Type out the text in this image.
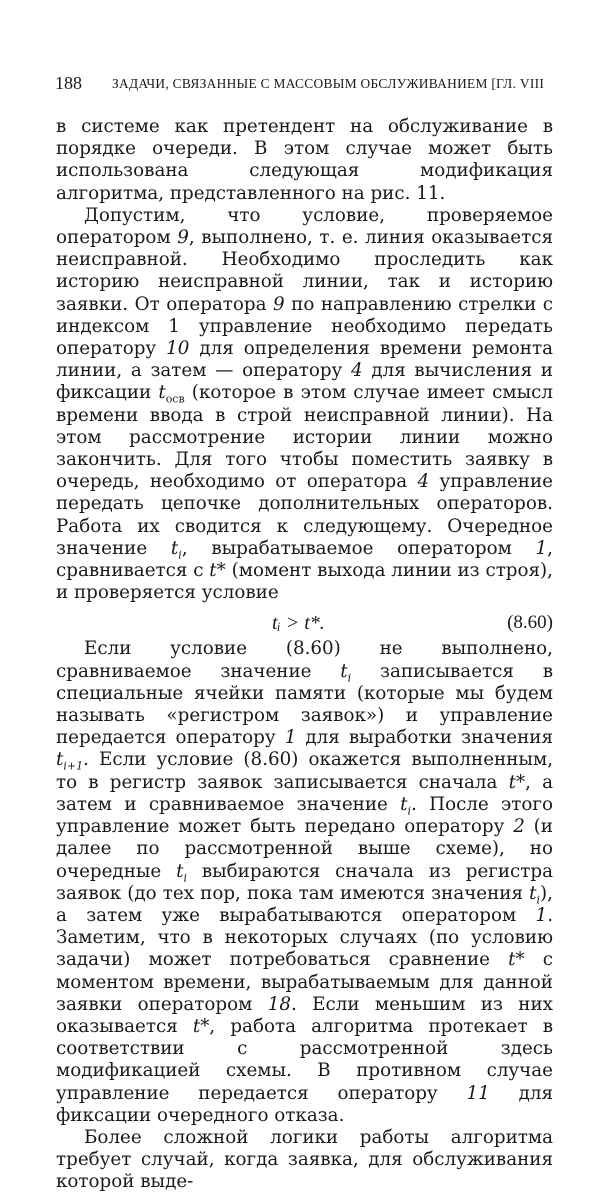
188 ЗАДАЧИ, СВЯЗАННЫЕ С МАССОВЫМ ОБСЛУЖИВАНИЕМ [ГЛ. VIII

в системе как претендент на обслуживание в порядке очереди. В этом случае может быть использована следующая модификация алгоритма, представленного на рис. 11.

Допустим, что условие, проверяемое оператором 9, выполнено, т. е. линия оказывается неисправной. Необходимо проследить как историю неисправной линии, так и историю заявки. От оператора 9 по направлению стрелки с индексом 1 управление необходимо передать оператору 10 для определения времени ремонта линии, а затем — оператору 4 для вычисления и фиксации $t_{осв}$ (которое в этом случае имеет смысл времени ввода в строй неисправной линии). На этом рассмотрение истории линии можно закончить. Для того чтобы поместить заявку в очередь, необходимо от оператора 4 управление передать цепочке дополнительных операторов. Работа их сводится к следующему. Очередное значение $t_i$, вырабатываемое оператором 1, сравнивается с t* (момент выхода линии из строя), и проверяется условие

tᵢ > t*.	(8.60)

Если условие (8.60) не выполнено, сравниваемое значение $t_i$ записывается в специальные ячейки памяти (которые мы будем называть «регистром заявок») и управление передается оператору 1 для выработки значения $t_{i+1}$. Если условие (8.60) окажется выполненным, то в регистр заявок записывается сначала t*, а затем и сравниваемое значение $t_i$. После этого управление может быть передано оператору 2 (и далее по рассмотренной выше схеме), но очередные $t_i$ выбираются сначала из регистра заявок (до тех пор, пока там имеются значения $t_i$), а затем уже вырабатываются оператором 1. Заметим, что в некоторых случаях (по условию задачи) может потребоваться сравнение t* с моментом времени, вырабатываемым для данной заявки оператором 18. Если меньшим из них оказывается t*, работа алгоритма протекает в соответствии с рассмотренной здесь модификацией схемы. В противном случае управление передается оператору 11 для фиксации очередного отказа.

Более сложной логики работы алгоритма требует случай, когда заявка, для обслуживания которой выде-
